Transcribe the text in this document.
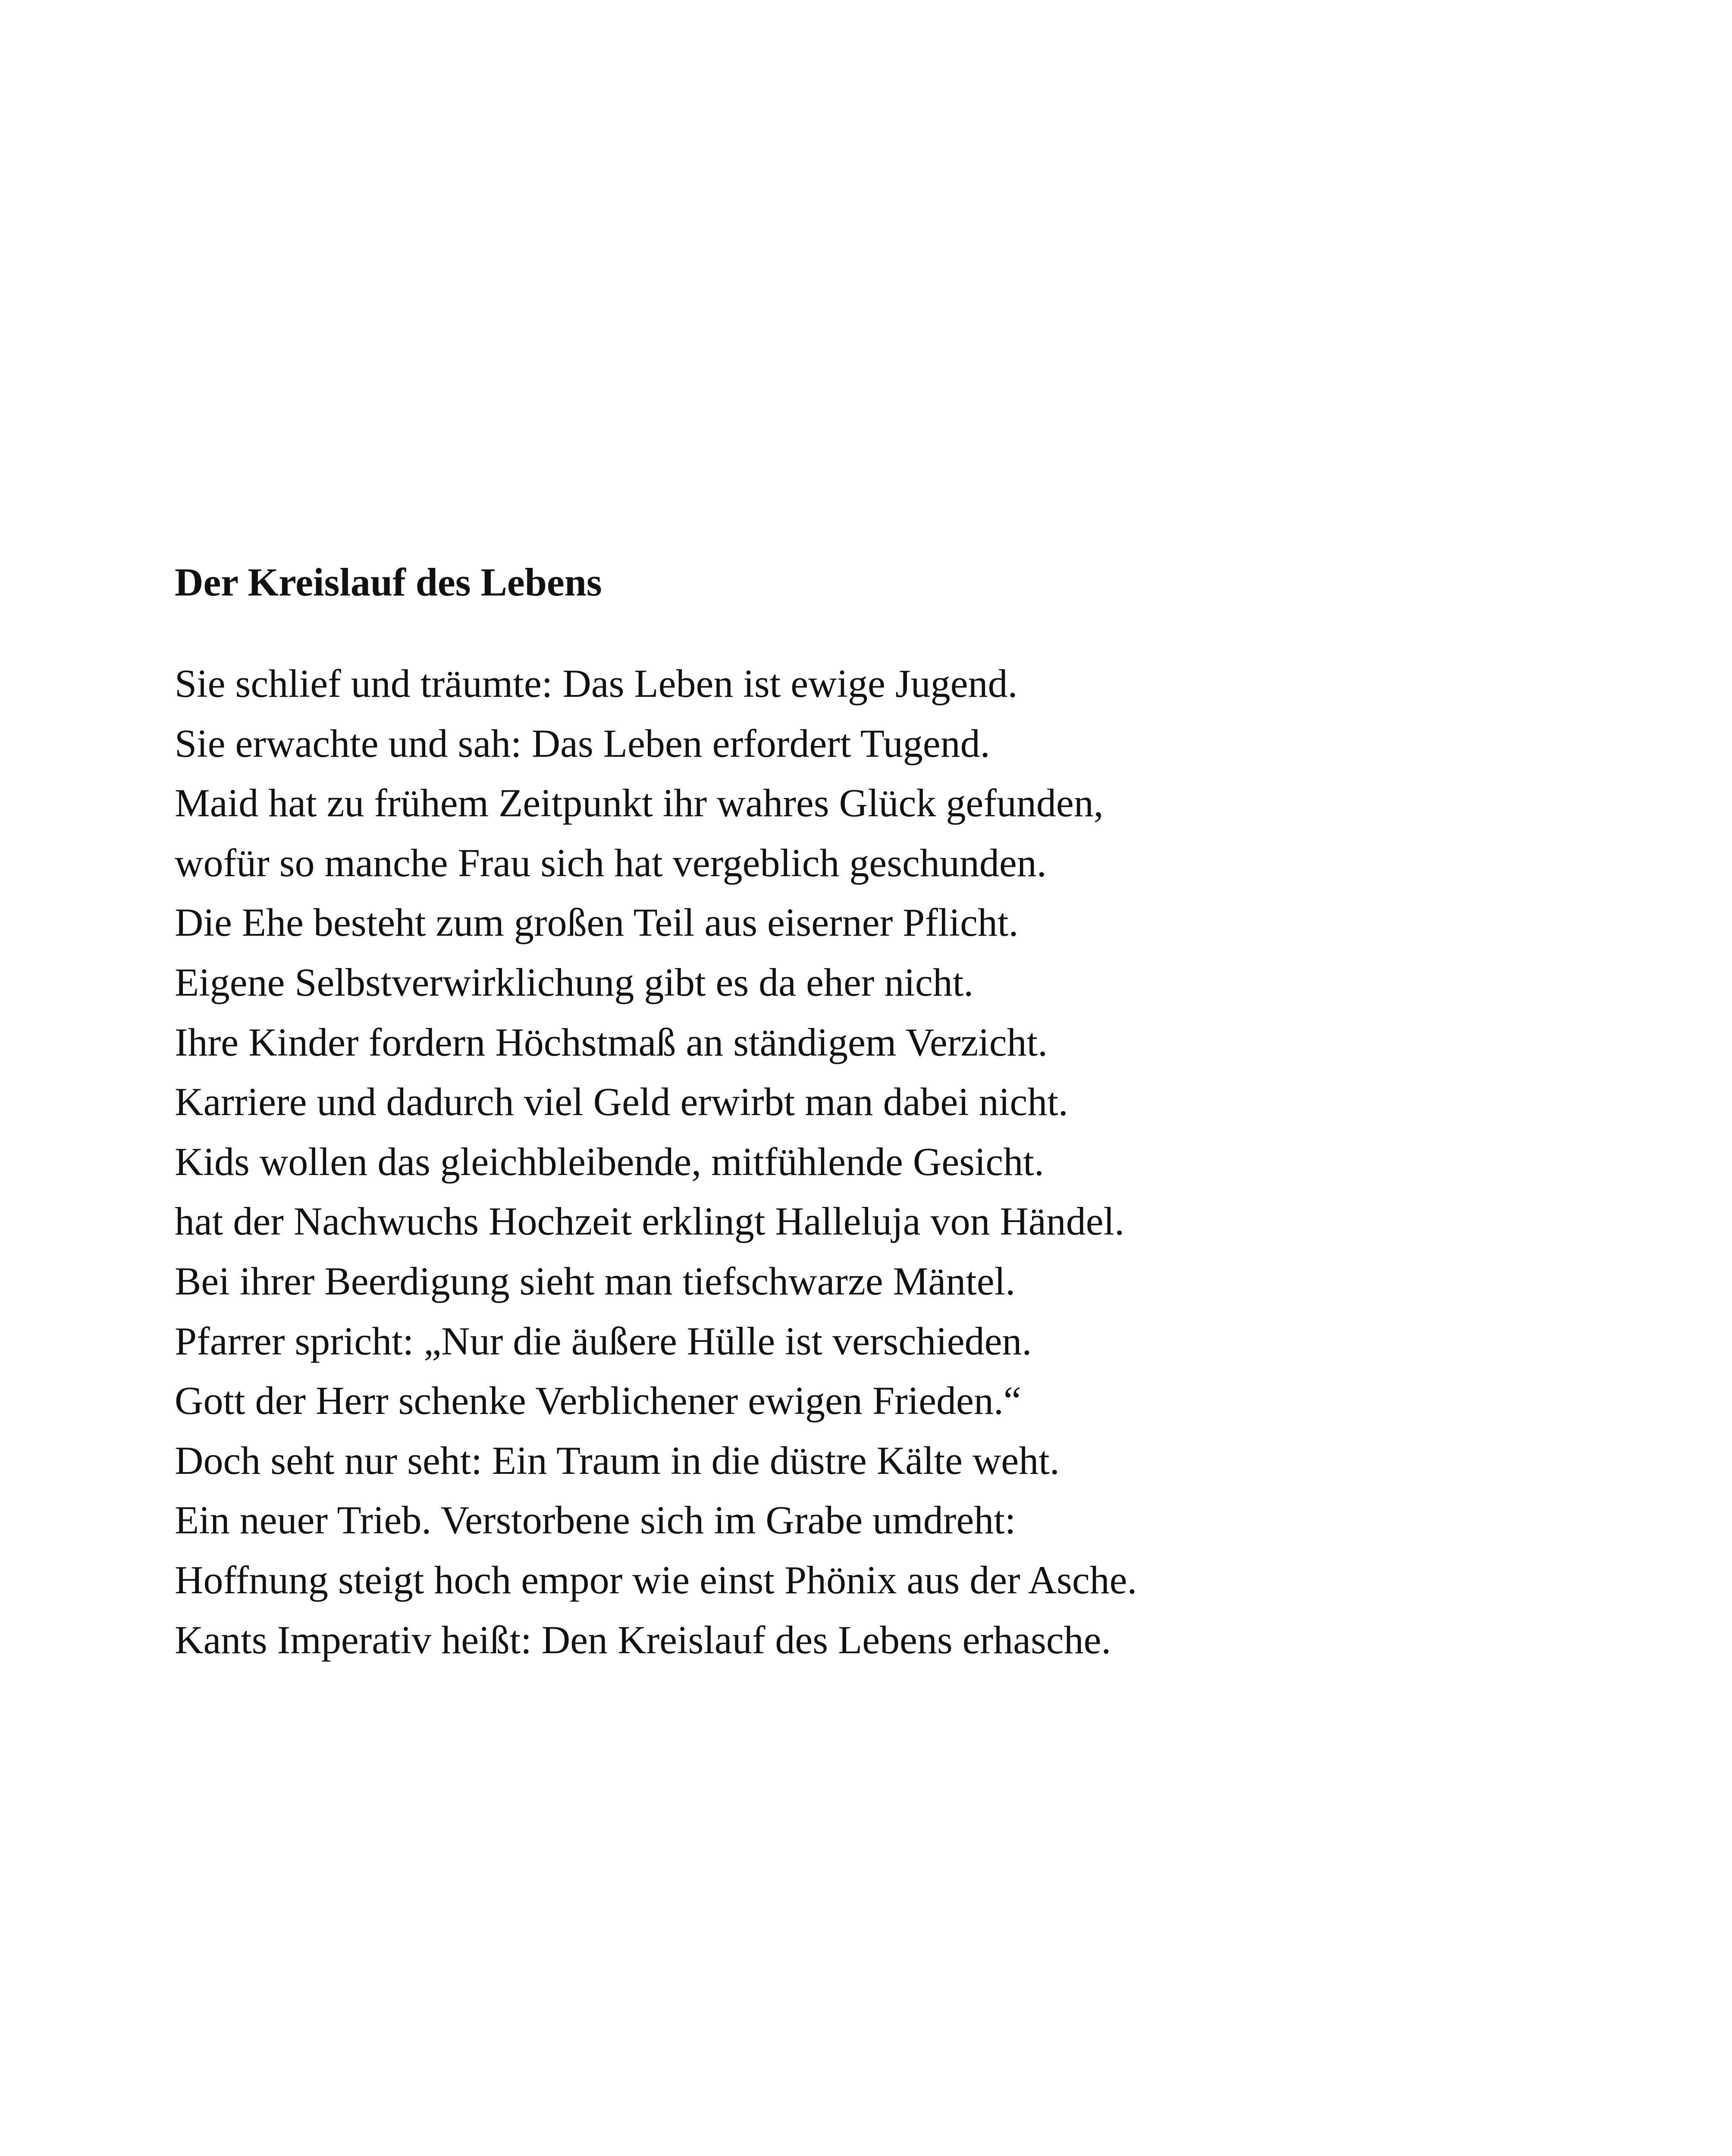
Der Kreislauf des Lebens
Sie schlief und träumte: Das Leben ist ewige Jugend.
Sie erwachte und sah: Das Leben erfordert Tugend.
Maid hat zu frühem Zeitpunkt ihr wahres Glück gefunden,
wofür so manche Frau sich hat vergeblich geschunden.
Die Ehe besteht zum großen Teil aus eiserner Pflicht.
Eigene Selbstverwirklichung gibt es da eher nicht.
Ihre Kinder fordern Höchstmaß an ständigem Verzicht.
Karriere und dadurch viel Geld erwirbt man dabei nicht.
Kids wollen das gleichbleibende, mitfühlende Gesicht.
hat der Nachwuchs Hochzeit erklingt Halleluja von Händel.
Bei ihrer Beerdigung sieht man tiefschwarze Mäntel.
Pfarrer spricht: „Nur die äußere Hülle ist verschieden.
Gott der Herr schenke Verblichener ewigen Frieden.“
Doch seht nur seht: Ein Traum in die düstre Kälte weht.
Ein neuer Trieb. Verstorbene sich im Grabe umdreht:
Hoffnung steigt hoch empor wie einst Phönix aus der Asche.
Kants Imperativ heißt: Den Kreislauf des Lebens erhasche.
